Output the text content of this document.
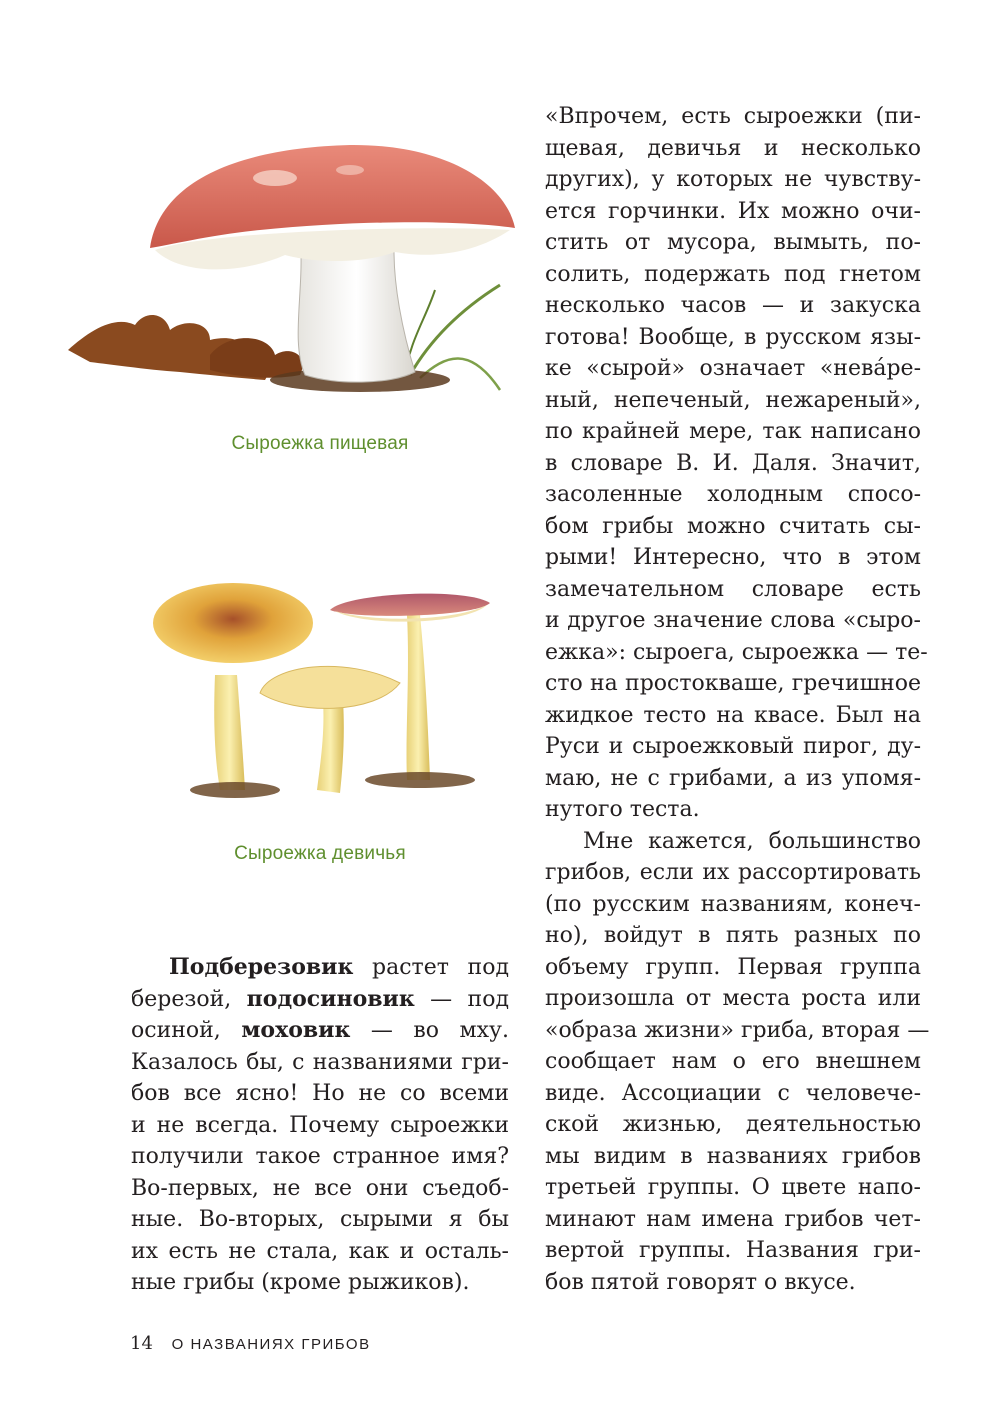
Сыроежка пищевая
Сыроежка девичья
Подберезовик растет под
березой, подосиновик — под
осиной, моховик — во мху.
Казалось бы, с названиями гри-
бов все ясно! Но не со всеми
и не всегда. Почему сыроежки
получили такое странное имя?
Во-первых, не все они съедоб-
ные. Во-вторых, сырыми я бы
их есть не стала, как и осталь-
ные грибы (кроме рыжиков).
«Впрочем, есть сыроежки (пи-
щевая, девичья и несколько
других), у которых не чувству-
ется горчинки. Их можно очи-
стить от мусора, вымыть, по-
солить, подержать под гнетом
несколько часов — и закуска
готова! Вообще, в русском язы-
ке «сырой» означает «невáре-
ный, непеченый, нежареный»,
по крайней мере, так написано
в словаре В. И. Даля. Значит,
засоленные холодным спосо-
бом грибы можно считать сы-
рыми! Интересно, что в этом
замечательном словаре есть
и другое значение слова «сыро-
ежка»: сыроега, сыроежка — те-
сто на простокваше, гречишное
жидкое тесто на квасе. Был на
Руси и сыроежковый пирог, ду-
маю, не с грибами, а из упомя-
нутого теста.
Мне кажется, большинство
грибов, если их рассортировать
(по русским названиям, конеч-
но), войдут в пять разных по
объему групп. Первая группа
произошла от места роста или
«образа жизни» гриба, вторая —
сообщает нам о его внешнем
виде. Ассоциации с человече-
ской жизнью, деятельностью
мы видим в названиях грибов
третьей группы. О цвете напо-
минают нам имена грибов чет-
вертой группы. Названия гри-
бов пятой говорят о вкусе.
14 О НАЗВАНИЯХ ГРИБОВ
